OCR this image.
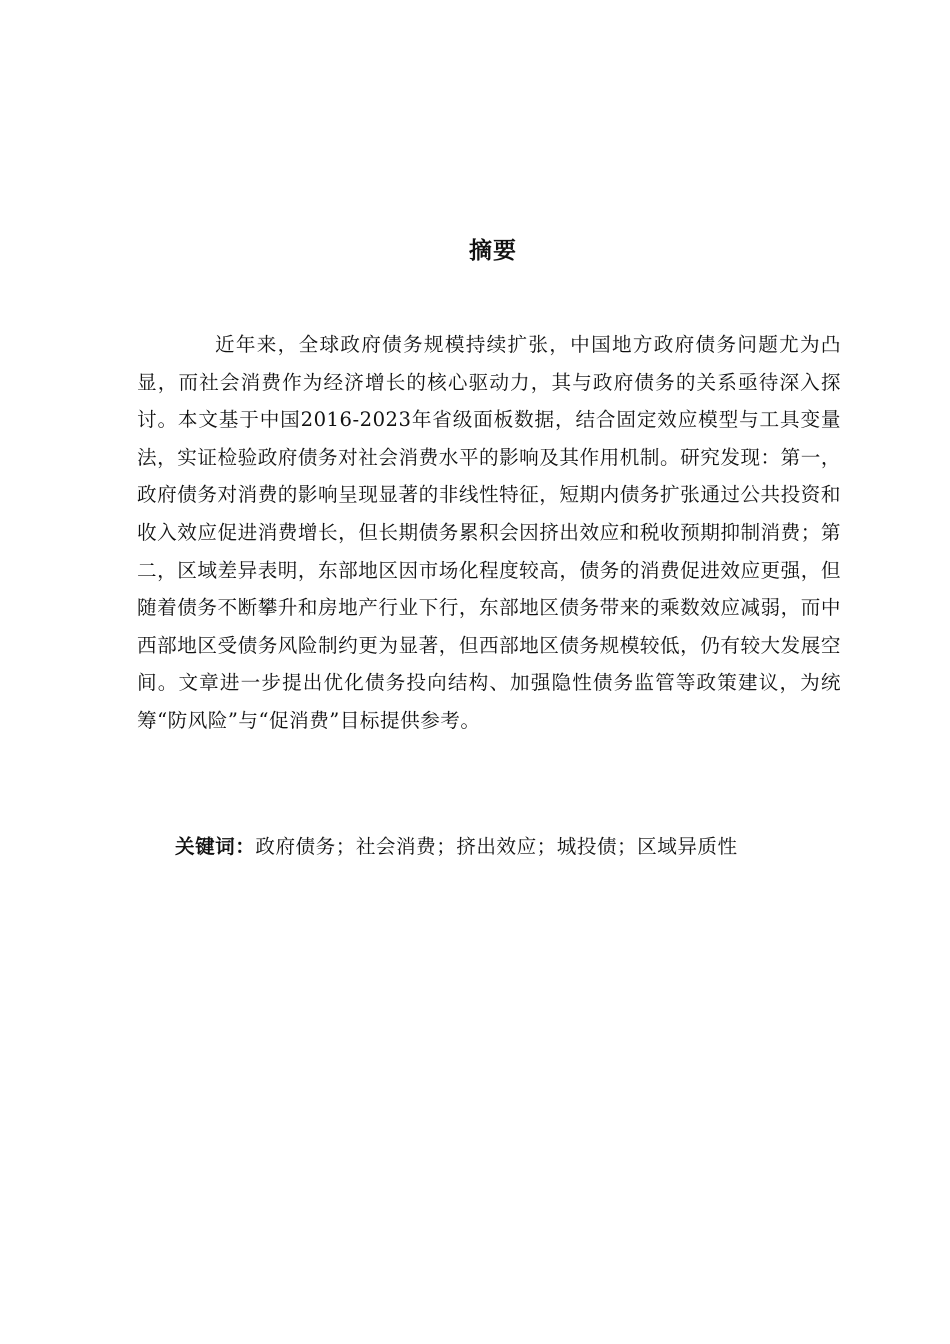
摘要

近年来，全球政府债务规模持续扩张，中国地方政府债务问题尤为凸显，而社会消费作为经济增长的核心驱动力，其与政府债务的关系亟待深入探讨。本文基于中国2016-2023年省级面板数据，结合固定效应模型与工具变量法，实证检验政府债务对社会消费水平的影响及其作用机制。研究发现：第一，政府债务对消费的影响呈现显著的非线性特征，短期内债务扩张通过公共投资和收入效应促进消费增长，但长期债务累积会因挤出效应和税收预期抑制消费；第二，区域差异表明，东部地区因市场化程度较高，债务的消费促进效应更强，但随着债务不断攀升和房地产行业下行，东部地区债务带来的乘数效应减弱，而中西部地区受债务风险制约更为显著，但西部地区债务规模较低，仍有较大发展空间。文章进一步提出优化债务投向结构、加强隐性债务监管等政策建议，为统筹“防风险”与“促消费”目标提供参考。

关键词：政府债务；社会消费；挤出效应；城投债；区域异质性
